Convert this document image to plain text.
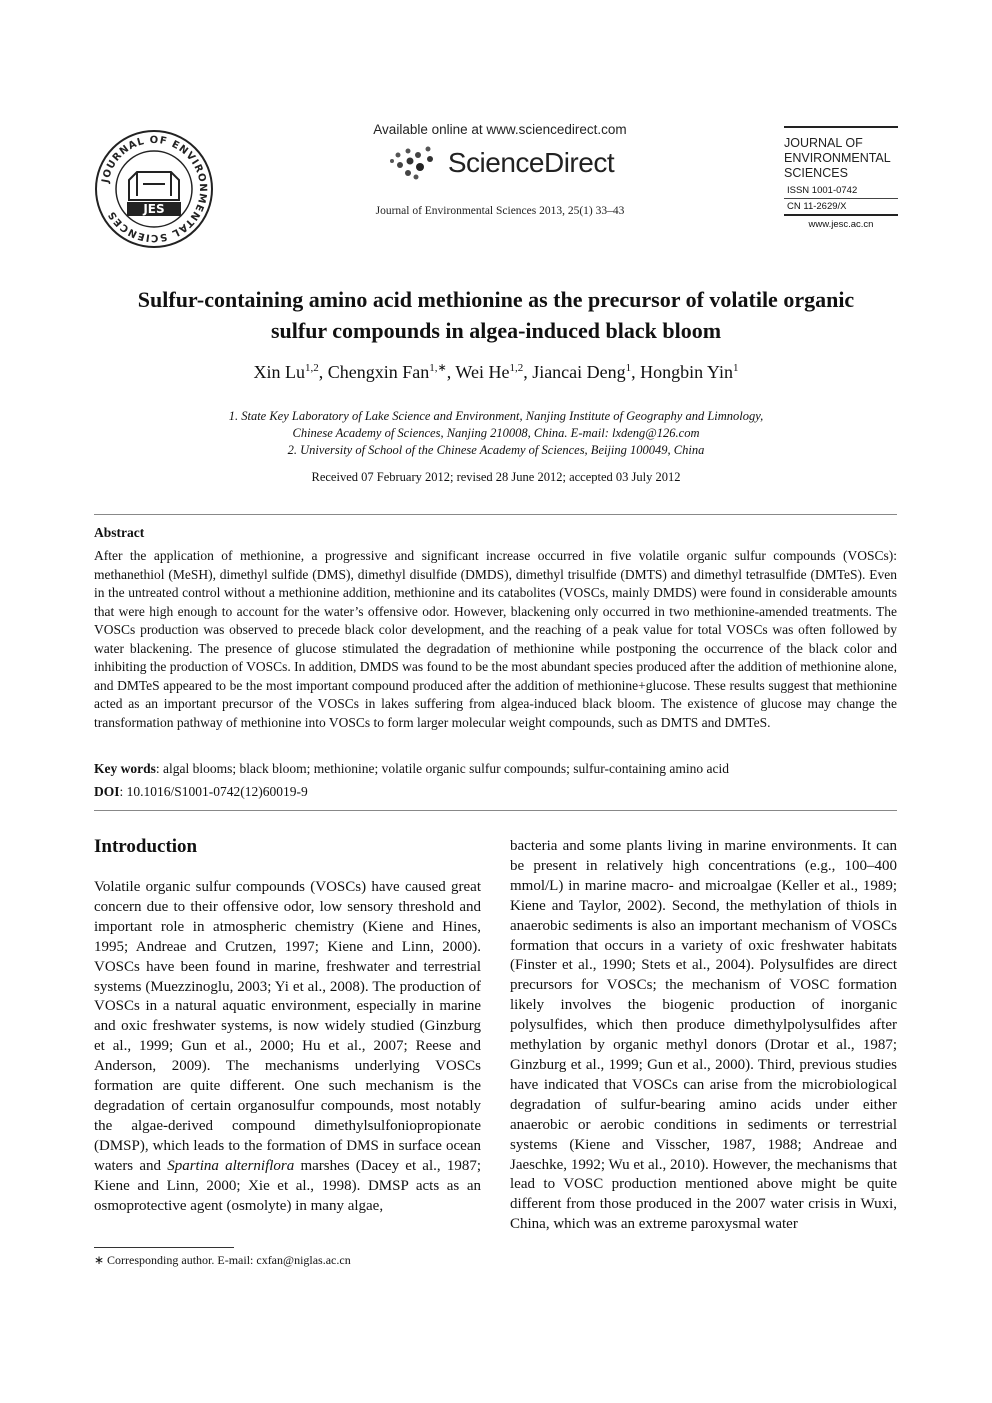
JOURNAL OF ENVIRONMENTAL SCIENCES	JES
Available online at www.sciencedirect.com
ScienceDirect
Journal of Environmental Sciences 2013, 25(1) 33–43
JOURNAL OF
ENVIRONMENTAL
SCIENCES
ISSN 1001-0742
CN 11-2629/X
www.jesc.ac.cn
Sulfur-containing amino acid methionine as the precursor of volatile organic
sulfur compounds in algea-induced black bloom
Xin Lu$^{1,2}$, Chengxin Fan$^{1,∗}$, Wei He$^{1,2}$, Jiancai Deng$^1$, Hongbin Yin$^1$
1. State Key Laboratory of Lake Science and Environment, Nanjing Institute of Geography and Limnology,
Chinese Academy of Sciences, Nanjing 210008, China. E-mail: lxdeng@126.com
2. University of School of the Chinese Academy of Sciences, Beijing 100049, China
Received 07 February 2012; revised 28 June 2012; accepted 03 July 2012
Abstract
After the application of methionine, a progressive and significant increase occurred in five volatile organic sulfur compounds (VOSCs): methanethiol (MeSH), dimethyl sulfide (DMS), dimethyl disulfide (DMDS), dimethyl trisulfide (DMTS) and dimethyl tetrasulfide (DMTeS). Even in the untreated control without a methionine addition, methionine and its catabolites (VOSCs, mainly DMDS) were found in considerable amounts that were high enough to account for the water’s offensive odor. However, blackening only occurred in two methionine-amended treatments. The VOSCs production was observed to precede black color development, and the reaching of a peak value for total VOSCs was often followed by water blackening. The presence of glucose stimulated the degradation of methionine while postponing the occurrence of the black color and inhibiting the production of VOSCs. In addition, DMDS was found to be the most abundant species produced after the addition of methionine alone, and DMTeS appeared to be the most important compound produced after the addition of methionine+glucose. These results suggest that methionine acted as an important precursor of the VOSCs in lakes suffering from algea-induced black bloom. The existence of glucose may change the transformation pathway of methionine into VOSCs to form larger molecular weight compounds, such as DMTS and DMTeS.
Key words: algal blooms; black bloom; methionine; volatile organic sulfur compounds; sulfur-containing amino acid
DOI: 10.1016/S1001-0742(12)60019-9
Introduction
Volatile organic sulfur compounds (VOSCs) have caused great concern due to their offensive odor, low sensory threshold and important role in atmospheric chemistry (Kiene and Hines, 1995; Andreae and Crutzen, 1997; Kiene and Linn, 2000). VOSCs have been found in marine, freshwater and terrestrial systems (Muezzinoglu, 2003; Yi et al., 2008). The production of VOSCs in a natural aquatic environment, especially in marine and oxic freshwater systems, is now widely studied (Ginzburg et al., 1999; Gun et al., 2000; Hu et al., 2007; Reese and Anderson, 2009). The mechanisms underlying VOSCs formation are quite different. One such mechanism is the degradation of certain organosulfur compounds, most notably the algae-derived compound dimethylsulfoniopropionate (DMSP), which leads to the formation of DMS in surface ocean waters and Spartina alterniflora marshes (Dacey et al., 1987; Kiene and Linn, 2000; Xie et al., 1998). DMSP acts as an osmoprotective agent (osmolyte) in many algae,
bacteria and some plants living in marine environments. It can be present in relatively high concentrations (e.g., 100–400 mmol/L) in marine macro- and microalgae (Keller et al., 1989; Kiene and Taylor, 2002). Second, the methylation of thiols in anaerobic sediments is also an important mechanism of VOSCs formation that occurs in a variety of oxic freshwater habitats (Finster et al., 1990; Stets et al., 2004). Polysulfides are direct precursors for VOSCs; the mechanism of VOSC formation likely involves the biogenic production of inorganic polysulfides, which then produce dimethylpolysulfides after methylation by organic methyl donors (Drotar et al., 1987; Ginzburg et al., 1999; Gun et al., 2000). Third, previous studies have indicated that VOSCs can arise from the microbiological degradation of sulfur-bearing amino acids under either anaerobic or aerobic conditions in sediments or terrestrial systems (Kiene and Visscher, 1987, 1988; Andreae and Jaeschke, 1992; Wu et al., 2010). However, the mechanisms that lead to VOSC production mentioned above might be quite different from those produced in the 2007 water crisis in Wuxi, China, which was an extreme paroxysmal water
∗ Corresponding author. E-mail: cxfan@niglas.ac.cn
